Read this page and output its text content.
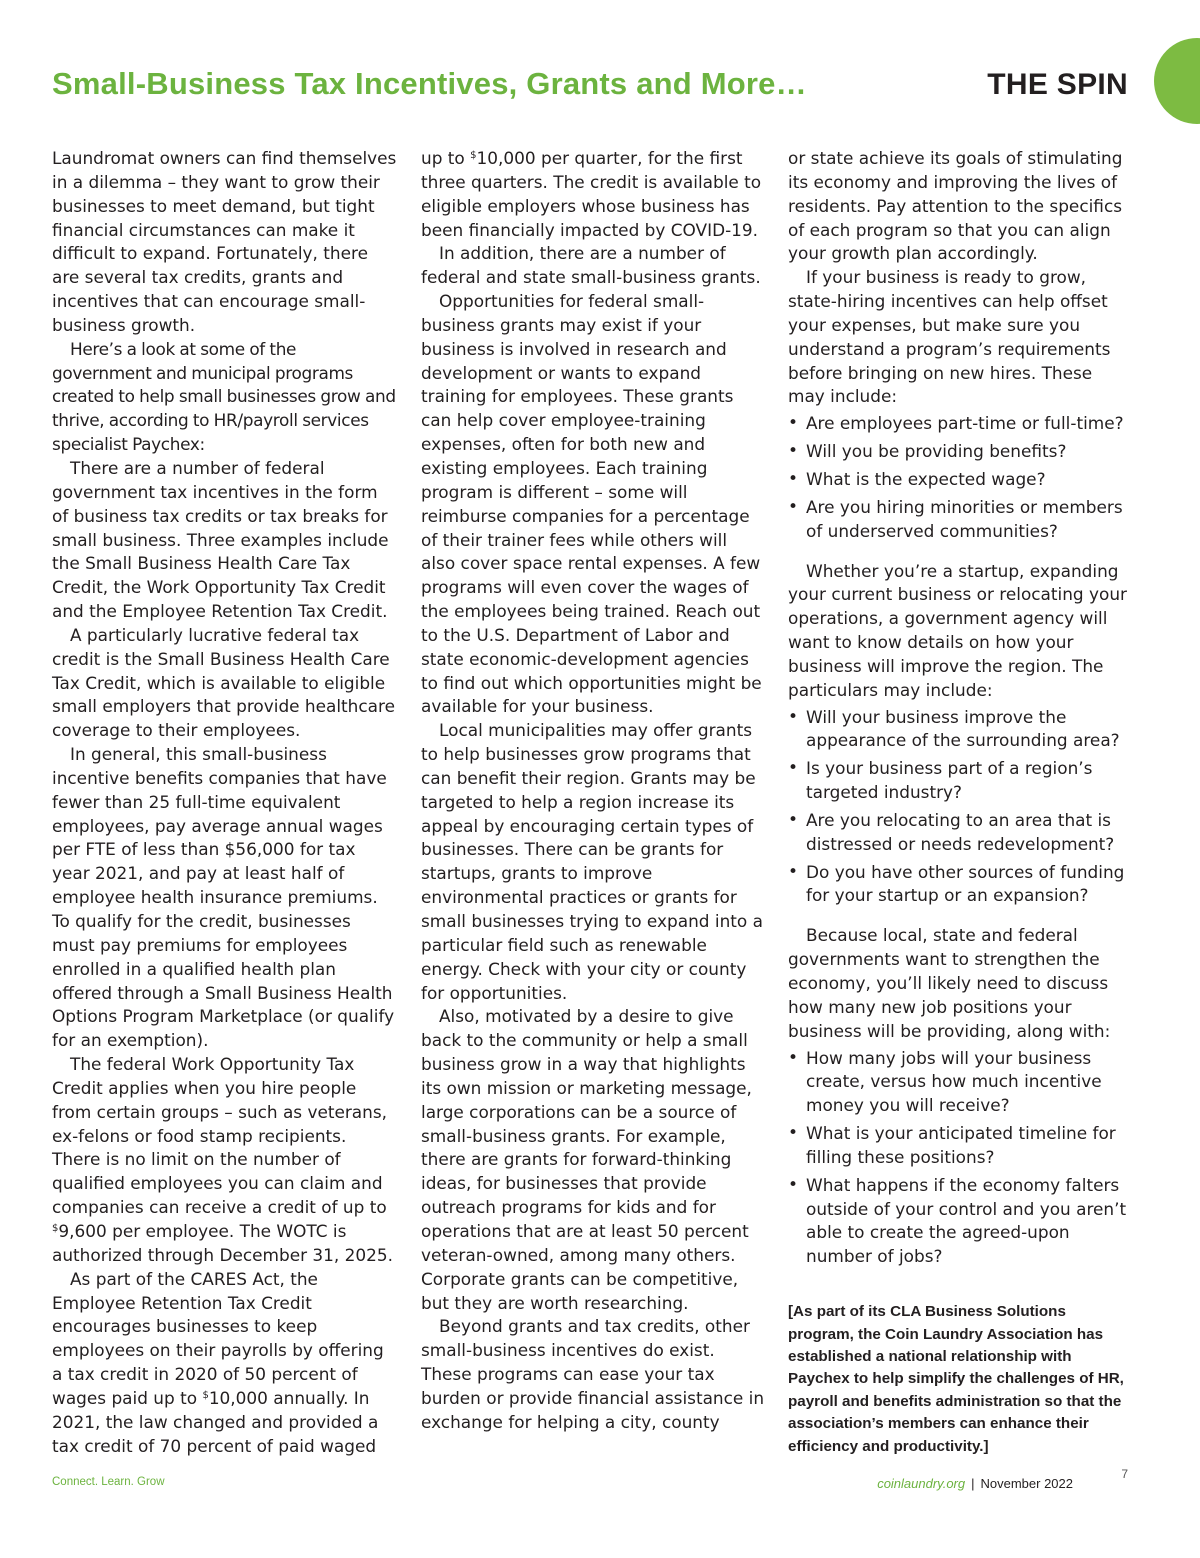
Small-Business Tax Incentives, Grants and More…	THE SPIN
Laundromat owners can find themselves in a dilemma – they want to grow their businesses to meet demand, but tight financial circumstances can make it difficult to expand. Fortunately, there are several tax credits, grants and incentives that can encourage small-business growth.
Here’s a look at some of the government and municipal programs created to help small businesses grow and thrive, according to HR/payroll services specialist Paychex:
There are a number of federal government tax incentives in the form of business tax credits or tax breaks for small business. Three examples include the Small Business Health Care Tax Credit, the Work Opportunity Tax Credit and the Employee Retention Tax Credit.
A particularly lucrative federal tax credit is the Small Business Health Care Tax Credit, which is available to eligible small employers that provide healthcare coverage to their employees.
In general, this small-business incentive benefits companies that have fewer than 25 full-time equivalent employees, pay average annual wages per FTE of less than $56,000 for tax year 2021, and pay at least half of employee health insurance premiums. To qualify for the credit, businesses must pay premiums for employees enrolled in a qualified health plan offered through a Small Business Health Options Program Marketplace (or qualify for an exemption).
The federal Work Opportunity Tax Credit applies when you hire people from certain groups – such as veterans, ex-felons or food stamp recipients. There is no limit on the number of qualified employees you can claim and companies can receive a credit of up to $9,600 per employee. The WOTC is authorized through December 31, 2025.
As part of the CARES Act, the Employee Retention Tax Credit encourages businesses to keep employees on their payrolls by offering a tax credit in 2020 of 50 percent of wages paid up to $10,000 annually. In 2021, the law changed and provided a tax credit of 70 percent of paid waged
up to $10,000 per quarter, for the first three quarters. The credit is available to eligible employers whose business has been financially impacted by COVID-19.
In addition, there are a number of federal and state small-business grants.
Opportunities for federal small-business grants may exist if your business is involved in research and development or wants to expand training for employees. These grants can help cover employee-training expenses, often for both new and existing employees. Each training program is different – some will reimburse companies for a percentage of their trainer fees while others will also cover space rental expenses. A few programs will even cover the wages of the employees being trained. Reach out to the U.S. Department of Labor and state economic-development agencies to find out which opportunities might be available for your business.
Local municipalities may offer grants to help businesses grow programs that can benefit their region. Grants may be targeted to help a region increase its appeal by encouraging certain types of businesses. There can be grants for startups, grants to improve environmental practices or grants for small businesses trying to expand into a particular field such as renewable energy. Check with your city or county for opportunities.
Also, motivated by a desire to give back to the community or help a small business grow in a way that highlights its own mission or marketing message, large corporations can be a source of small-business grants. For example, there are grants for forward-thinking ideas, for businesses that provide outreach programs for kids and for operations that are at least 50 percent veteran-owned, among many others. Corporate grants can be competitive, but they are worth researching.
Beyond grants and tax credits, other small-business incentives do exist. These programs can ease your tax burden or provide financial assistance in exchange for helping a city, county
or state achieve its goals of stimulating its economy and improving the lives of residents. Pay attention to the specifics of each program so that you can align your growth plan accordingly.
If your business is ready to grow, state-hiring incentives can help offset your expenses, but make sure you understand a program’s requirements before bringing on new hires. These may include:
• Are employees part-time or full-time?
• Will you be providing benefits?
• What is the expected wage?
• Are you hiring minorities or members of underserved communities?
Whether you’re a startup, expanding your current business or relocating your operations, a government agency will want to know details on how your business will improve the region. The particulars may include:
• Will your business improve the appearance of the surrounding area?
• Is your business part of a region’s targeted industry?
• Are you relocating to an area that is distressed or needs redevelopment?
• Do you have other sources of funding for your startup or an expansion?
Because local, state and federal governments want to strengthen the economy, you’ll likely need to discuss how many new job positions your business will be providing, along with:
• How many jobs will your business create, versus how much incentive money you will receive?
• What is your anticipated timeline for filling these positions?
• What happens if the economy falters outside of your control and you aren’t able to create the agreed-upon number of jobs?
[As part of its CLA Business Solutions program, the Coin Laundry Association has established a national relationship with Paychex to help simplify the challenges of HR, payroll and benefits administration so that the association’s members can enhance their efficiency and productivity.]
Connect. Learn. Grow	coinlaundry.org | November 2022
7
